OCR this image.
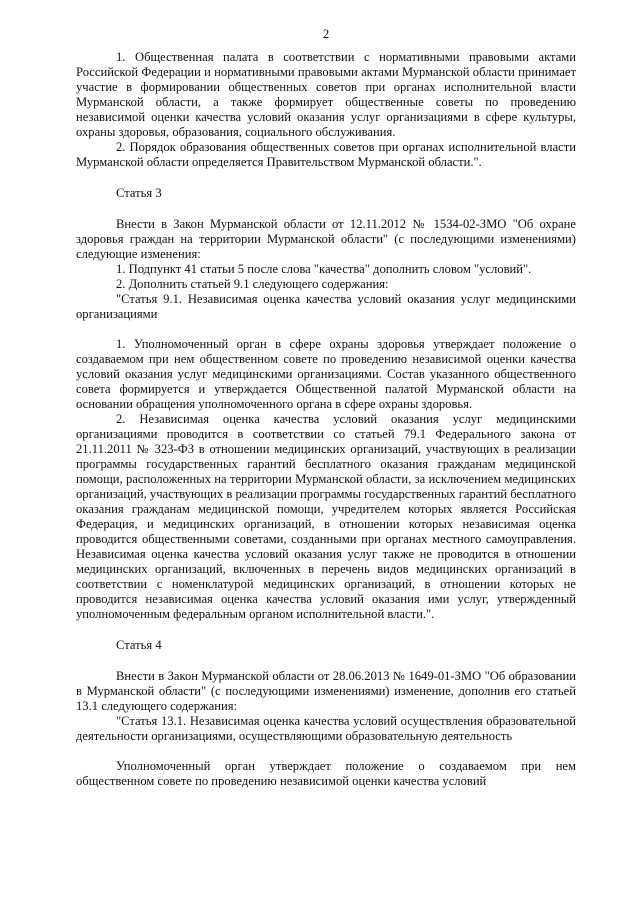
2

1. Общественная палата в соответствии с нормативными правовыми актами Российской Федерации и нормативными правовыми актами Мурманской области принимает участие в формировании общественных советов при органах исполнительной власти Мурманской области, а также формирует общественные советы по проведению независимой оценки качества условий оказания услуг организациями в сфере культуры, охраны здоровья, образования, социального обслуживания.

2. Порядок образования общественных советов при органах исполнительной власти Мурманской области определяется Правительством Мурманской области.".

Статья 3

Внести в Закон Мурманской области от 12.11.2012 № 1534-02-ЗМО "Об охране здоровья граждан на территории Мурманской области" (с последующими изменениями) следующие изменения:

1. Подпункт 41 статьи 5 после слова "качества" дополнить словом "условий".

2. Дополнить статьей 9.1 следующего содержания:

"Статья 9.1. Независимая оценка качества условий оказания услуг медицинскими организациями

1. Уполномоченный орган в сфере охраны здоровья утверждает положение о создаваемом при нем общественном совете по проведению независимой оценки качества условий оказания услуг медицинскими организациями. Состав указанного общественного совета формируется и утверждается Общественной палатой Мурманской области на основании обращения уполномоченного органа в сфере охраны здоровья.

2. Независимая оценка качества условий оказания услуг медицинскими организациями проводится в соответствии со статьей 79.1 Федерального закона от 21.11.2011 № 323-ФЗ в отношении медицинских организаций, участвующих в реализации программы государственных гарантий бесплатного оказания гражданам медицинской помощи, расположенных на территории Мурманской области, за исключением медицинских организаций, участвующих в реализации программы государственных гарантий бесплатного оказания гражданам медицинской помощи, учредителем которых является Российская Федерация, и медицинских организаций, в отношении которых независимая оценка проводится общественными советами, созданными при органах местного самоуправления. Независимая оценка качества условий оказания услуг также не проводится в отношении медицинских организаций, включенных в перечень видов медицинских организаций в соответствии с номенклатурой медицинских организаций, в отношении которых не проводится независимая оценка качества условий оказания ими услуг, утвержденный уполномоченным федеральным органом исполнительной власти.".

Статья 4

Внести в Закон Мурманской области от 28.06.2013 № 1649-01-ЗМО "Об образовании в Мурманской области" (с последующими изменениями) изменение, дополнив его статьей 13.1 следующего содержания:

"Статья 13.1. Независимая оценка качества условий осуществления образовательной деятельности организациями, осуществляющими образовательную деятельность

Уполномоченный орган утверждает положение о создаваемом при нем общественном совете по проведению независимой оценки качества условий
